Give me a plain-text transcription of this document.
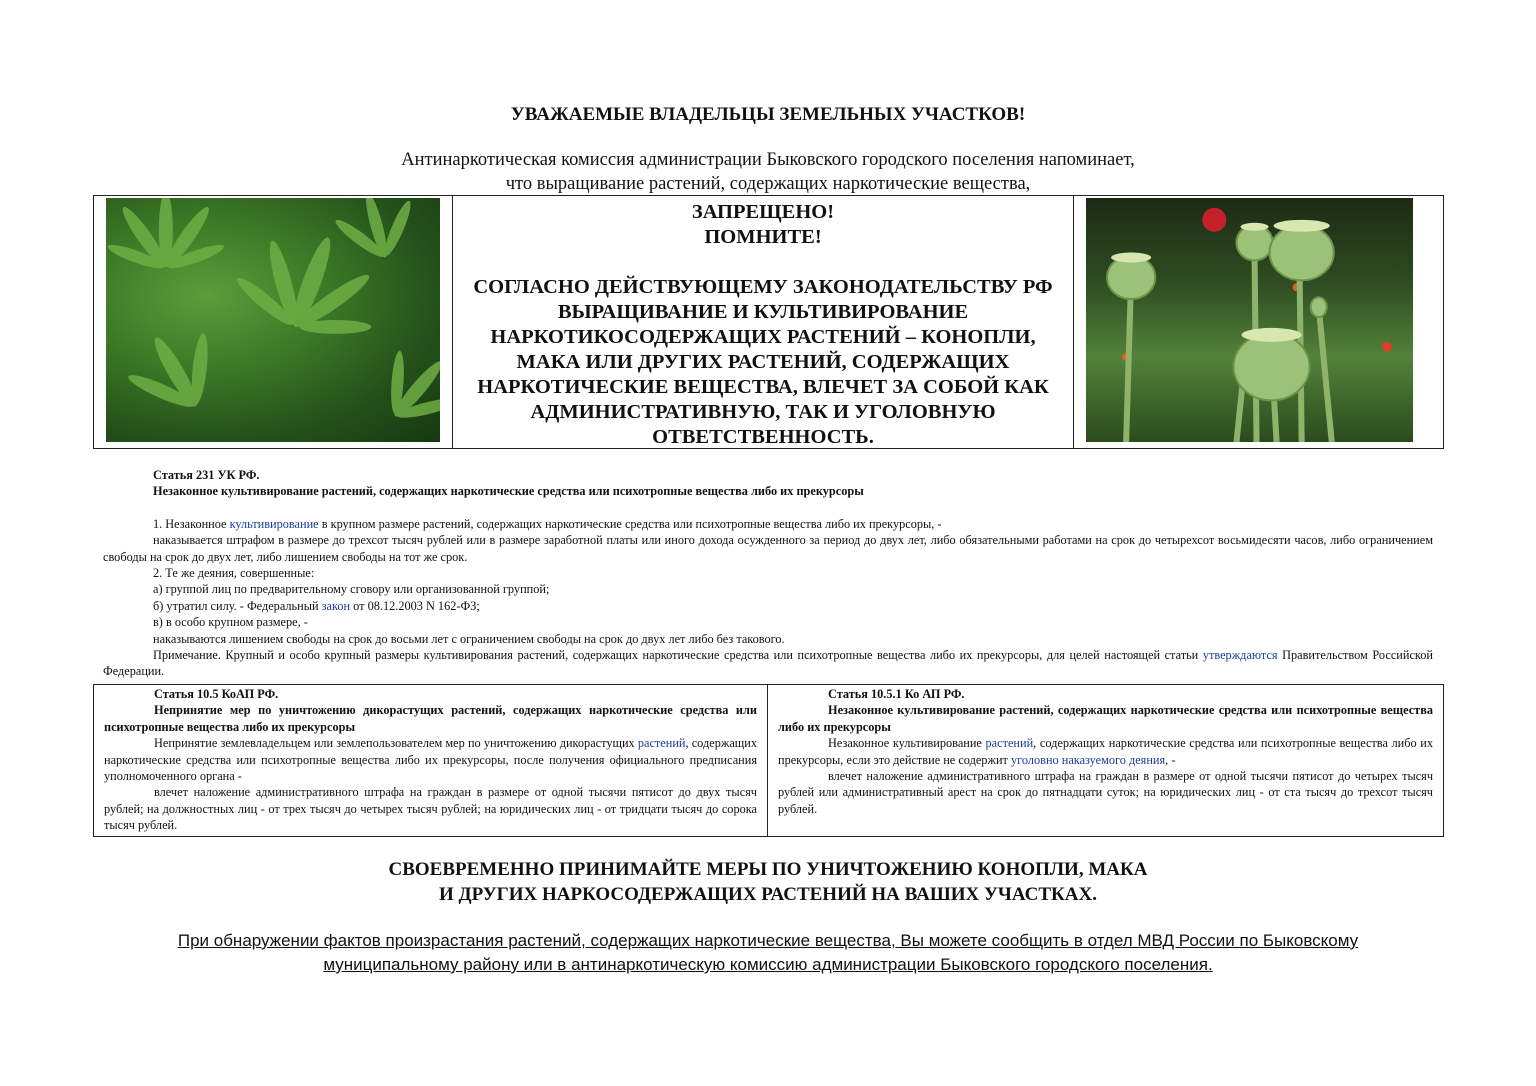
УВАЖАЕМЫЕ ВЛАДЕЛЬЦЫ ЗЕМЕЛЬНЫХ УЧАСТКОВ!
Антинаркотическая комиссия администрации Быковского городского поселения напоминает,
что выращивание растений, содержащих наркотические вещества,
ЗАПРЕЩЕНО!
ПОМНИТЕ!
СОГЛАСНО ДЕЙСТВУЮЩЕМУ ЗАКОНОДАТЕЛЬСТВУ РФ ВЫРАЩИВАНИЕ И КУЛЬТИВИРОВАНИЕ НАРКОТИКОСОДЕРЖАЩИХ РАСТЕНИЙ – КОНОПЛИ, МАКА ИЛИ ДРУГИХ РАСТЕНИЙ, СОДЕРЖАЩИХ НАРКОТИЧЕСКИЕ ВЕЩЕСТВА, ВЛЕЧЕТ ЗА СОБОЙ КАК АДМИНИСТРАТИВНУЮ, ТАК И УГОЛОВНУЮ ОТВЕТСТВЕННОСТЬ.
Статья 231 УК РФ.
Незаконное культивирование растений, содержащих наркотические средства или психотропные вещества либо их прекурсоры
1. Незаконное культивирование в крупном размере растений, содержащих наркотические средства или психотропные вещества либо их прекурсоры, -
наказывается штрафом в размере до трехсот тысяч рублей или в размере заработной платы или иного дохода осужденного за период до двух лет, либо обязательными работами на срок до четырехсот восьмидесяти часов, либо ограничением свободы на срок до двух лет, либо лишением свободы на тот же срок.
2. Те же деяния, совершенные:
а) группой лиц по предварительному сговору или организованной группой;
б) утратил силу. - Федеральный закон от 08.12.2003 N 162-ФЗ;
в) в особо крупном размере, -
наказываются лишением свободы на срок до восьми лет с ограничением свободы на срок до двух лет либо без такового.
Примечание. Крупный и особо крупный размеры культивирования растений, содержащих наркотические средства или психотропные вещества либо их прекурсоры, для целей настоящей статьи утверждаются Правительством Российской Федерации.
Статья 10.5 КоАП РФ.
Непринятие мер по уничтожению дикорастущих растений, содержащих наркотические средства или психотропные вещества либо их прекурсоры
Непринятие землевладельцем или землепользователем мер по уничтожению дикорастущих растений, содержащих наркотические средства или психотропные вещества либо их прекурсоры, после получения официального предписания уполномоченного органа -
влечет наложение административного штрафа на граждан в размере от одной тысячи пятисот до двух тысяч рублей; на должностных лиц - от трех тысяч до четырех тысяч рублей; на юридических лиц - от тридцати тысяч до сорока тысяч рублей.
Статья 10.5.1 Ко АП РФ.
Незаконное культивирование растений, содержащих наркотические средства или психотропные вещества либо их прекурсоры
Незаконное культивирование растений, содержащих наркотические средства или психотропные вещества либо их прекурсоры, если это действие не содержит уголовно наказуемого деяния, -
влечет наложение административного штрафа на граждан в размере от одной тысячи пятисот до четырех тысяч рублей или административный арест на срок до пятнадцати суток; на юридических лиц - от ста тысяч до трехсот тысяч рублей.
СВОЕВРЕМЕННО ПРИНИМАЙТЕ МЕРЫ ПО УНИЧТОЖЕНИЮ КОНОПЛИ, МАКА
И ДРУГИХ НАРКОСОДЕРЖАЩИХ РАСТЕНИЙ НА ВАШИХ УЧАСТКАХ.
При обнаружении фактов произрастания растений, содержащих наркотические вещества, Вы можете сообщить в отдел МВД России по Быковскому
муниципальному району или в антинаркотическую комиссию администрации Быковского городского поселения.
